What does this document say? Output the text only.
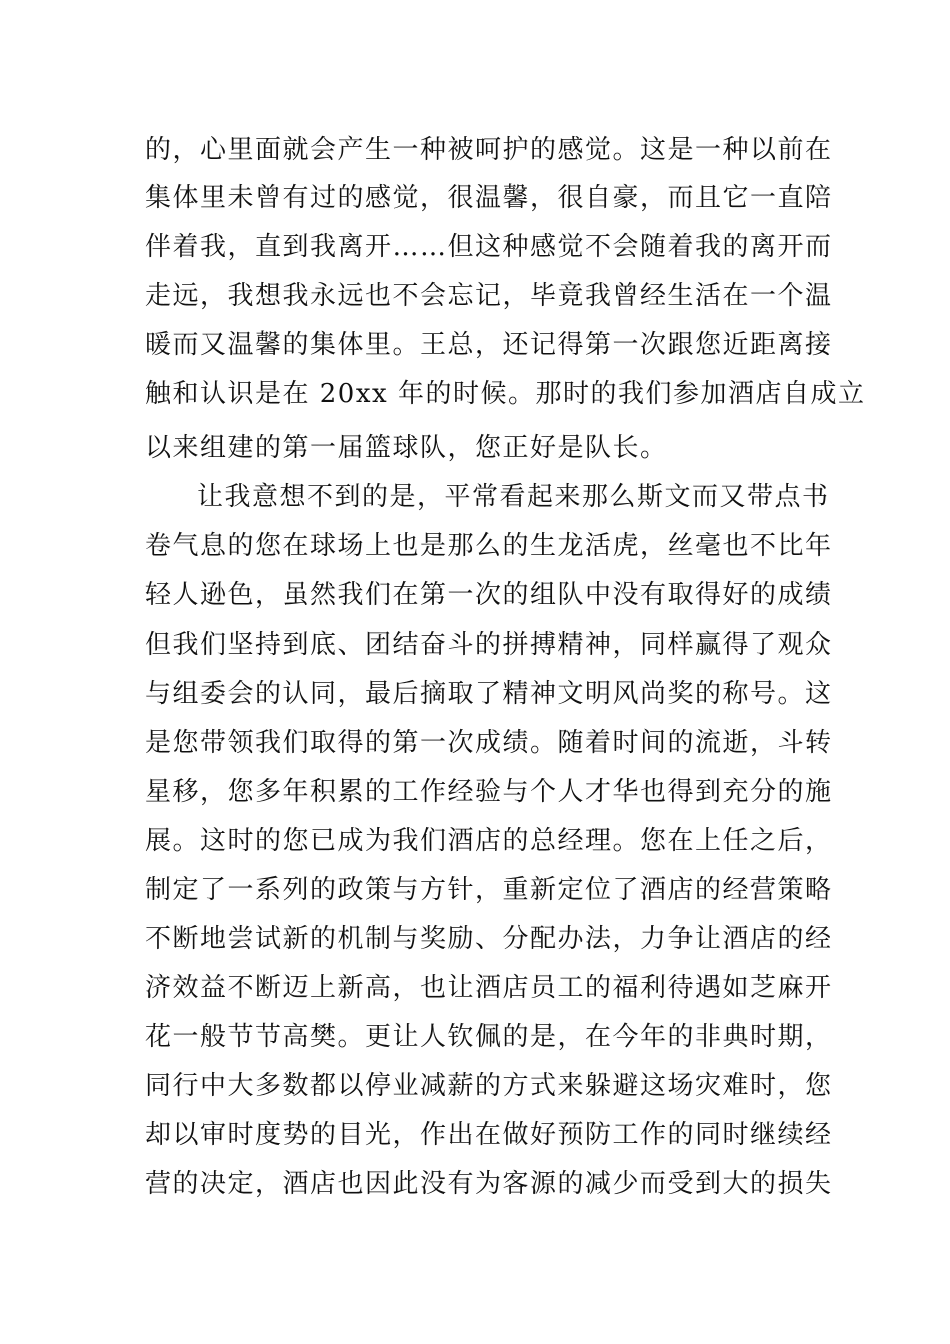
的，心里面就会产生一种被呵护的感觉。这是一种以前在
集体里未曾有过的感觉，很温馨，很自豪，而且它一直陪
伴着我，直到我离开……但这种感觉不会随着我的离开而
走远，我想我永远也不会忘记，毕竟我曾经生活在一个温
暖而又温馨的集体里。王总，还记得第一次跟您近距离接
触和认识是在 20xx 年的时候。那时的我们参加酒店自成立
以来组建的第一届篮球队，您正好是队长。
让我意想不到的是，平常看起来那么斯文而又带点书
卷气息的您在球场上也是那么的生龙活虎，丝毫也不比年
轻人逊色，虽然我们在第一次的组队中没有取得好的成绩
但我们坚持到底、团结奋斗的拼搏精神，同样赢得了观众
与组委会的认同，最后摘取了精神文明风尚奖的称号。这
是您带领我们取得的第一次成绩。随着时间的流逝，斗转
星移，您多年积累的工作经验与个人才华也得到充分的施
展。这时的您已成为我们酒店的总经理。您在上任之后，
制定了一系列的政策与方针，重新定位了酒店的经营策略
不断地尝试新的机制与奖励、分配办法，力争让酒店的经
济效益不断迈上新高，也让酒店员工的福利待遇如芝麻开
花一般节节高樊。更让人钦佩的是，在今年的非典时期，
同行中大多数都以停业减薪的方式来躲避这场灾难时，您
却以审时度势的目光，作出在做好预防工作的同时继续经
营的决定，酒店也因此没有为客源的减少而受到大的损失
